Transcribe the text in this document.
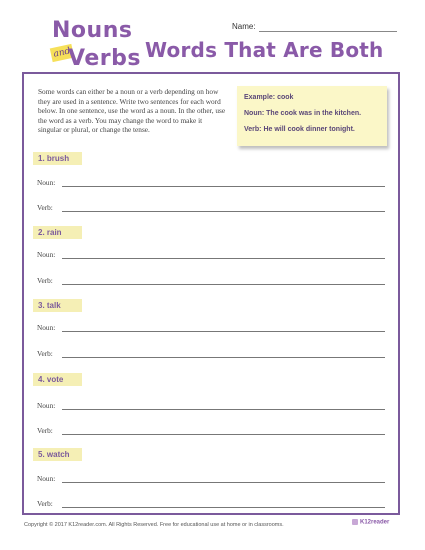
Nouns
and
Verbs
Name:
Words That Are Both
Some words can either be a noun or a verb depending on how they are used in a sentence. Write two sentences for each word below. In one sentence, use the word as a noun. In the other, use the word as a verb. You may change the word to make it singular or plural, or change the tense.
Example: cook
Noun: The cook was in the kitchen.
Verb: He will cook dinner tonight.
1. brush
Noun:
Verb:
2. rain
Noun:
Verb:
3. talk
Noun:
Verb:
4. vote
Noun:
Verb:
5. watch
Noun:
Verb:
Copyright © 2017 K12reader.com. All Rights Reserved. Free for educational use at home or in classrooms.	K12reader
